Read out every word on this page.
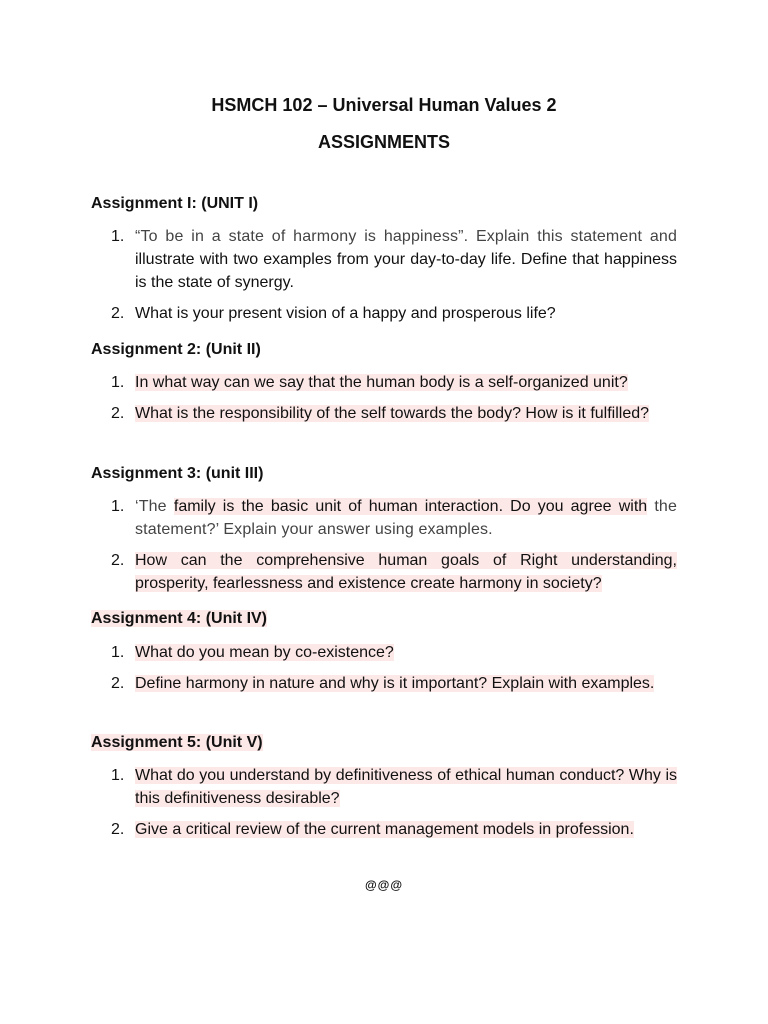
HSMCH 102 – Universal Human Values 2
ASSIGNMENTS
Assignment I: (UNIT I)
1. “To be in a state of harmony is happiness”. Explain this statement and illustrate with two examples from your day-to-day life. Define that happiness is the state of synergy.
2. What is your present vision of a happy and prosperous life?
Assignment 2: (Unit II)
1. In what way can we say that the human body is a self-organized unit?
2. What is the responsibility of the self towards the body? How is it fulfilled?
Assignment 3: (unit III)
1. ‘The family is the basic unit of human interaction. Do you agree with the statement?’ Explain your answer using examples.
2. How can the comprehensive human goals of Right understanding, prosperity, fearlessness and existence create harmony in society?
Assignment 4: (Unit IV)
1. What do you mean by co-existence?
2. Define harmony in nature and why is it important? Explain with examples.
Assignment 5: (Unit V)
1. What do you understand by definitiveness of ethical human conduct? Why is this definitiveness desirable?
2. Give a critical review of the current management models in profession.
@@@
